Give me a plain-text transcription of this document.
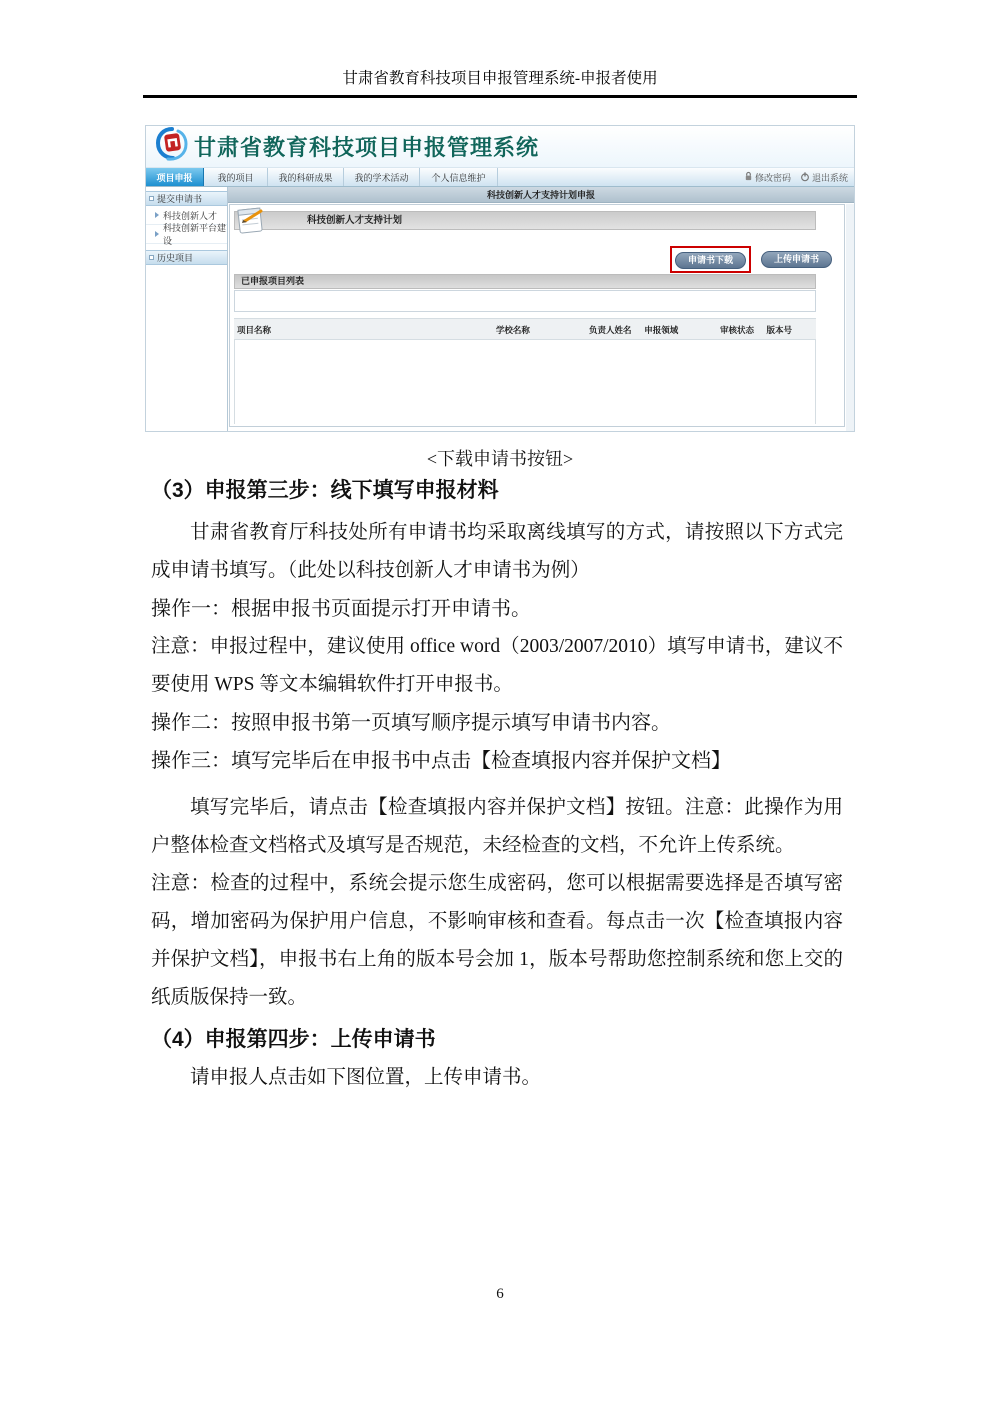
甘肃省教育科技项目申报管理系统-申报者使用
甘肃省教育科技项目申报管理系统
项目申报	我的项目	我的科研成果	我的学术活动	个人信息维护	修改密码 退出系统
提交申请书
科技创新人才
科技创新平台建设
历史项目
科技创新人才支持计划申报
科技创新人才支持计划
申请书下载	上传申请书
已申报项目列表
项目名称	学校名称	负责人姓名 申报领域	审核状态 版本号
<下载申请书按钮>
（3）申报第三步：线下填写申报材料

甘肃省教育厅科技处所有申请书均采取离线填写的方式，请按照以下方式完成申请书填写。（此处以科技创新人才申请书为例）

操作一：根据申报书页面提示打开申请书。

注意：申报过程中，建议使用 office word（2003/2007/2010）填写申请书，建议不要使用 WPS 等文本编辑软件打开申报书。

操作二：按照申报书第一页填写顺序提示填写申请书内容。

操作三：填写完毕后在申报书中点击【检查填报内容并保护文档】

填写完毕后，请点击【检查填报内容并保护文档】按钮。注意：此操作为用户整体检查文档格式及填写是否规范，未经检查的文档，不允许上传系统。

注意：检查的过程中，系统会提示您生成密码，您可以根据需要选择是否填写密码，增加密码为保护用户信息，不影响审核和查看。每点击一次【检查填报内容并保护文档】，申报书右上角的版本号会加 1，版本号帮助您控制系统和您上交的纸质版保持一致。

（4）申报第四步：上传申请书

请申报人点击如下图位置，上传申请书。

6
